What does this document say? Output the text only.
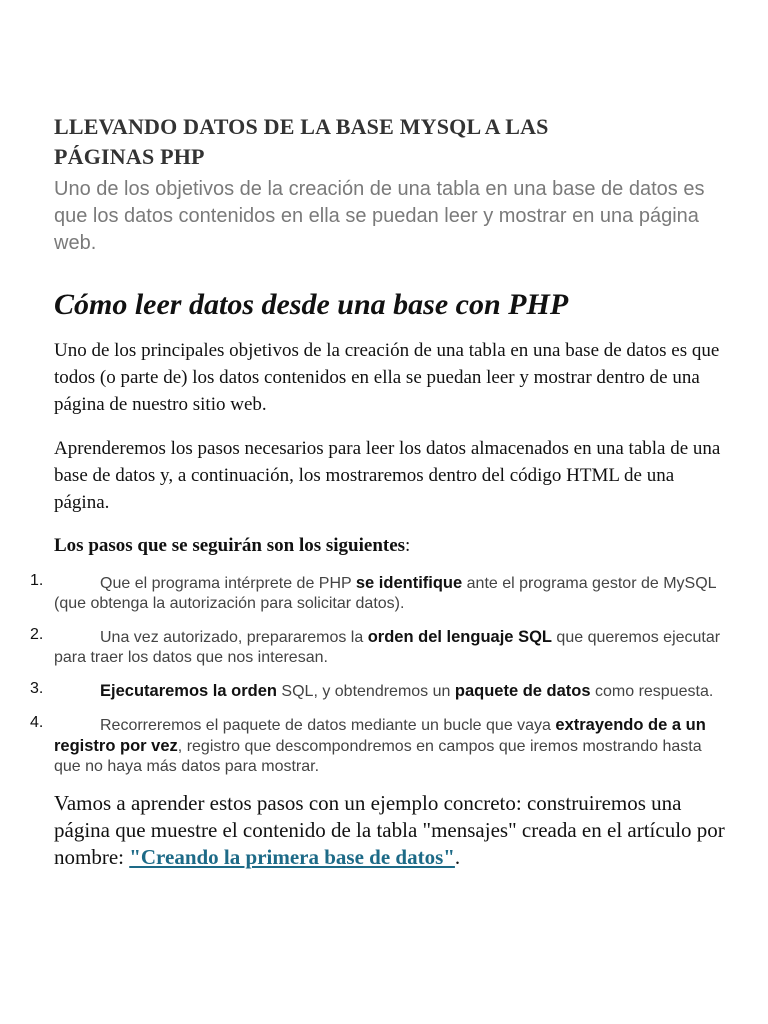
LLEVANDO DATOS DE LA BASE MYSQL A LAS
PÁGINAS PHP

Uno de los objetivos de la creación de una tabla en una base de datos es que los datos contenidos en ella se puedan leer y mostrar en una página web.

Cómo leer datos desde una base con PHP

Uno de los principales objetivos de la creación de una tabla en una base de datos es que todos (o parte de) los datos contenidos en ella se puedan leer y mostrar dentro de una página de nuestro sitio web.

Aprenderemos los pasos necesarios para leer los datos almacenados en una tabla de una base de datos y, a continuación, los mostraremos dentro del código HTML de una página.

Los pasos que se seguirán son los siguientes:

1.	Que el programa intérprete de PHP se identifique ante el programa gestor de MySQL (que obtenga la autorización para solicitar datos).
2.	Una vez autorizado, prepararemos la orden del lenguaje SQL que queremos ejecutar para traer los datos que nos interesan.
3.	Ejecutaremos la orden SQL, y obtendremos un paquete de datos como respuesta.
4.	Recorreremos el paquete de datos mediante un bucle que vaya extrayendo de a un registro por vez, registro que descompondremos en campos que iremos mostrando hasta que no haya más datos para mostrar.

Vamos a aprender estos pasos con un ejemplo concreto: construiremos una página que muestre el contenido de la tabla "mensajes" creada en el artículo por nombre: "Creando la primera base de datos".
